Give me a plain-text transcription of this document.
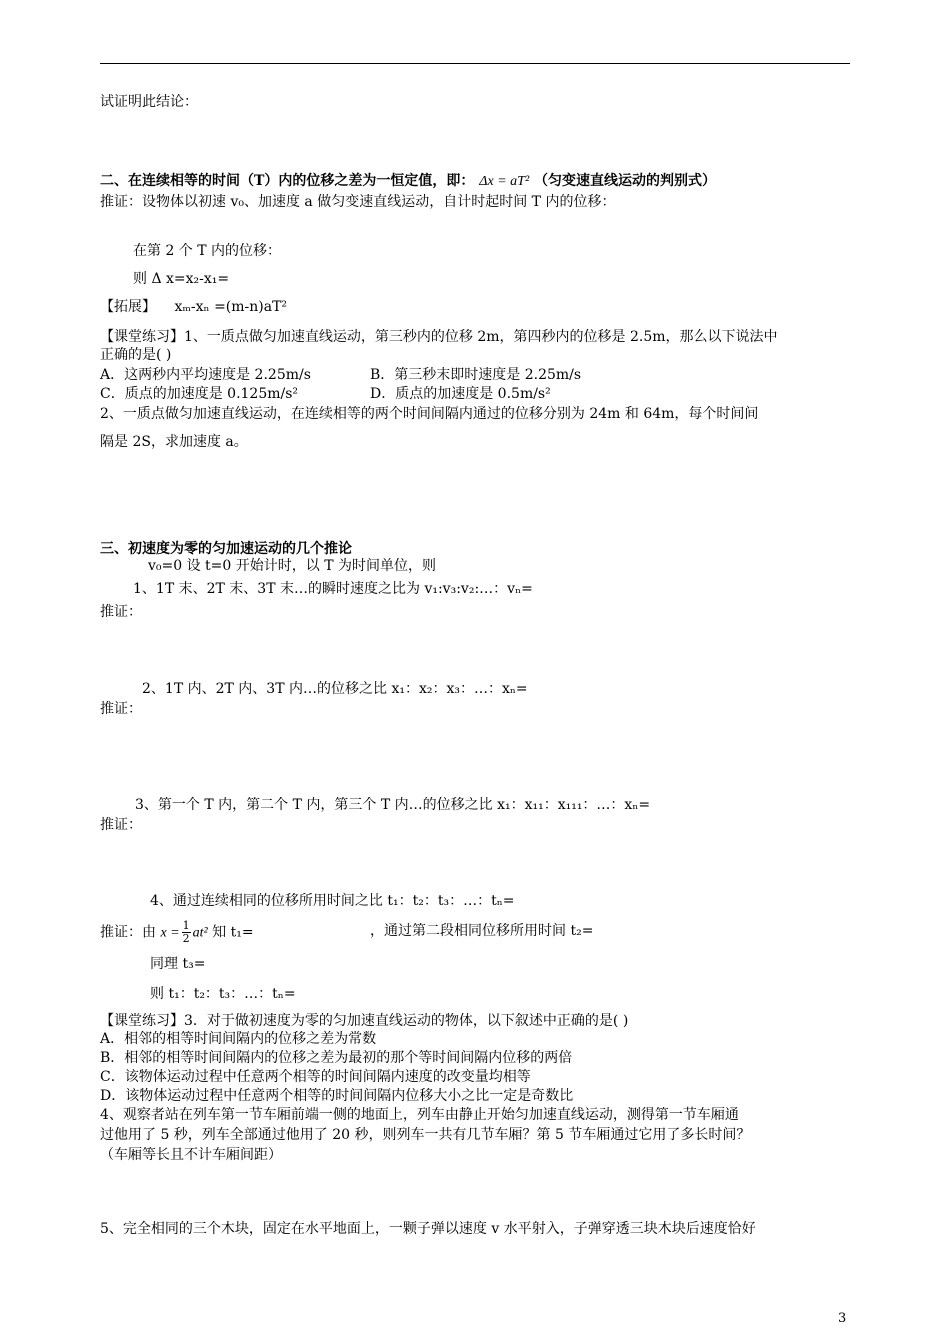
试证明此结论：
二、在连续相等的时间（T）内的位移之差为一恒定值，即： Δx = aT² （匀变速直线运动的判别式）
推证：设物体以初速 v₀、加速度 a 做匀变速直线运动，自计时起时间 T 内的位移：
在第 2 个 T 内的位移：
则 Δ x=x₂-x₁=
【拓展】 xₘ-xₙ =(m-n)aT²
【课堂练习】1、一质点做匀加速直线运动，第三秒内的位移 2m，第四秒内的位移是 2.5m，那么以下说法中
正确的是( )
A．这两秒内平均速度是 2.25m/s	B．第三秒末即时速度是 2.25m/s
C．质点的加速度是 0.125m/s²	D．质点的加速度是 0.5m/s²
2、一质点做匀加速直线运动，在连续相等的两个时间间隔内通过的位移分别为 24m 和 64m，每个时间间
隔是 2S，求加速度 a。
三、初速度为零的匀加速运动的几个推论
v₀=0 设 t=0 开始计时，以 T 为时间单位，则
1、1T 末、2T 末、3T 末…的瞬时速度之比为 v₁:v₃:v₂:…：vₙ=
推证：
2、1T 内、2T 内、3T 内…的位移之比 x₁：x₂：x₃：…：xₙ=
推证：
3、第一个 T 内，第二个 T 内，第三个 T 内…的位移之比 x₁：x₁₁：x₁₁₁：…：xₙ=
推证：
4、通过连续相同的位移所用时间之比 t₁：t₂：t₃：…：tₙ=
推证：由 $x = \frac{1}{2} at^2$ 知 t₁=	，通过第二段相同位移所用时间 t₂=
同理 t₃=
则 t₁：t₂：t₃：…：tₙ=
【课堂练习】3．对于做初速度为零的匀加速直线运动的物体，以下叙述中正确的是( )
A．相邻的相等时间间隔内的位移之差为常数
B．相邻的相等时间间隔内的位移之差为最初的那个等时间间隔内位移的两倍
C．该物体运动过程中任意两个相等的时间间隔内速度的改变量均相等
D．该物体运动过程中任意两个相等的时间间隔内位移大小之比一定是奇数比
4、观察者站在列车第一节车厢前端一侧的地面上，列车由静止开始匀加速直线运动，测得第一节车厢通
过他用了 5 秒，列车全部通过他用了 20 秒，则列车一共有几节车厢？第 5 节车厢通过它用了多长时间？
（车厢等长且不计车厢间距）
5、完全相同的三个木块，固定在水平地面上，一颗子弹以速度 v 水平射入，子弹穿透三块木块后速度恰好
3
